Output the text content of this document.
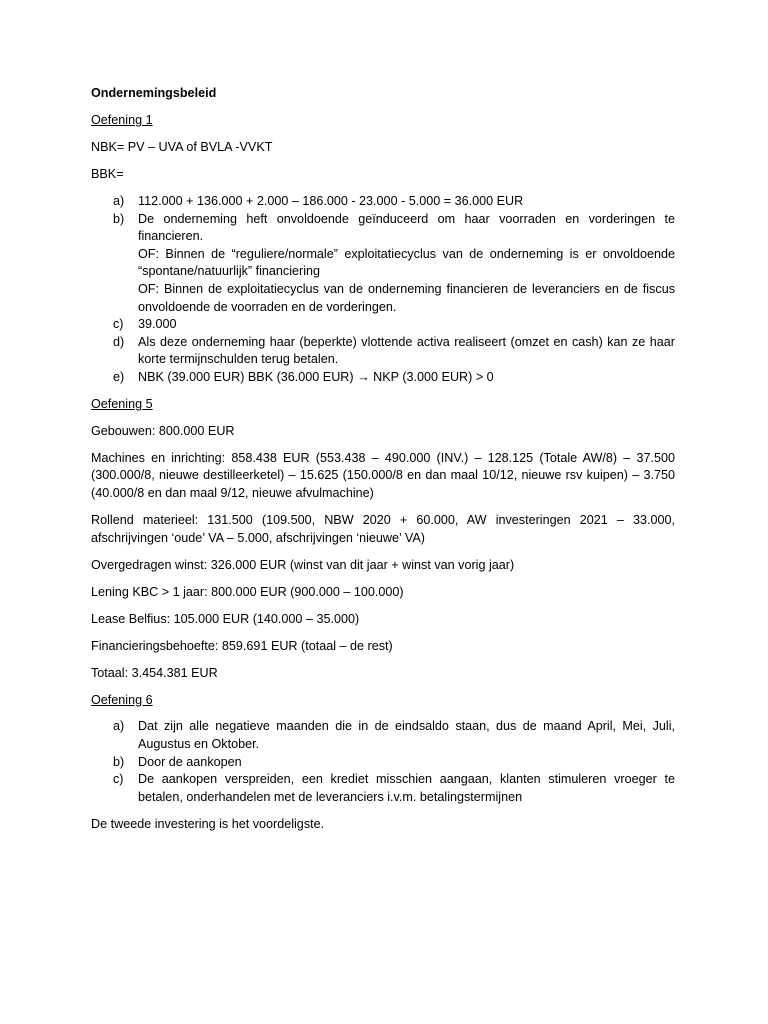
Ondernemingsbeleid
Oefening 1
NBK= PV – UVA of BVLA -VVKT
BBK=
a) 112.000 + 136.000 + 2.000 – 186.000 - 23.000 - 5.000 = 36.000 EUR
b) De onderneming heft onvoldoende geïnduceerd om haar voorraden en vorderingen te financieren.
OF: Binnen de “reguliere/normale” exploitatiecyclus van de onderneming is er onvoldoende “spontane/natuurlijk” financiering
OF: Binnen de exploitatiecyclus van de onderneming financieren de leveranciers en de fiscus onvoldoende de voorraden en de vorderingen.
c) 39.000
d) Als deze onderneming haar (beperkte) vlottende activa realiseert (omzet en cash) kan ze haar korte termijnschulden terug betalen.
e) NBK (39.000 EUR) BBK (36.000 EUR) → NKP (3.000 EUR) > 0
Oefening 5
Gebouwen: 800.000 EUR
Machines en inrichting: 858.438 EUR (553.438 – 490.000 (INV.) – 128.125 (Totale AW/8) – 37.500 (300.000/8, nieuwe destilleerketel) – 15.625 (150.000/8 en dan maal 10/12, nieuwe rsv kuipen) – 3.750 (40.000/8 en dan maal 9/12, nieuwe afvulmachine)
Rollend materieel: 131.500 (109.500, NBW 2020 + 60.000, AW investeringen 2021 – 33.000, afschrijvingen ‘oude’ VA – 5.000, afschrijvingen ‘nieuwe’ VA)
Overgedragen winst: 326.000 EUR (winst van dit jaar + winst van vorig jaar)
Lening KBC > 1 jaar: 800.000 EUR (900.000 – 100.000)
Lease Belfius: 105.000 EUR (140.000 – 35.000)
Financieringsbehoefte: 859.691 EUR (totaal – de rest)
Totaal: 3.454.381 EUR
Oefening 6
a) Dat zijn alle negatieve maanden die in de eindsaldo staan, dus de maand April, Mei, Juli, Augustus en Oktober.
b) Door de aankopen
c) De aankopen verspreiden, een krediet misschien aangaan, klanten stimuleren vroeger te betalen, onderhandelen met de leveranciers i.v.m. betalingstermijnen
De tweede investering is het voordeligste.
